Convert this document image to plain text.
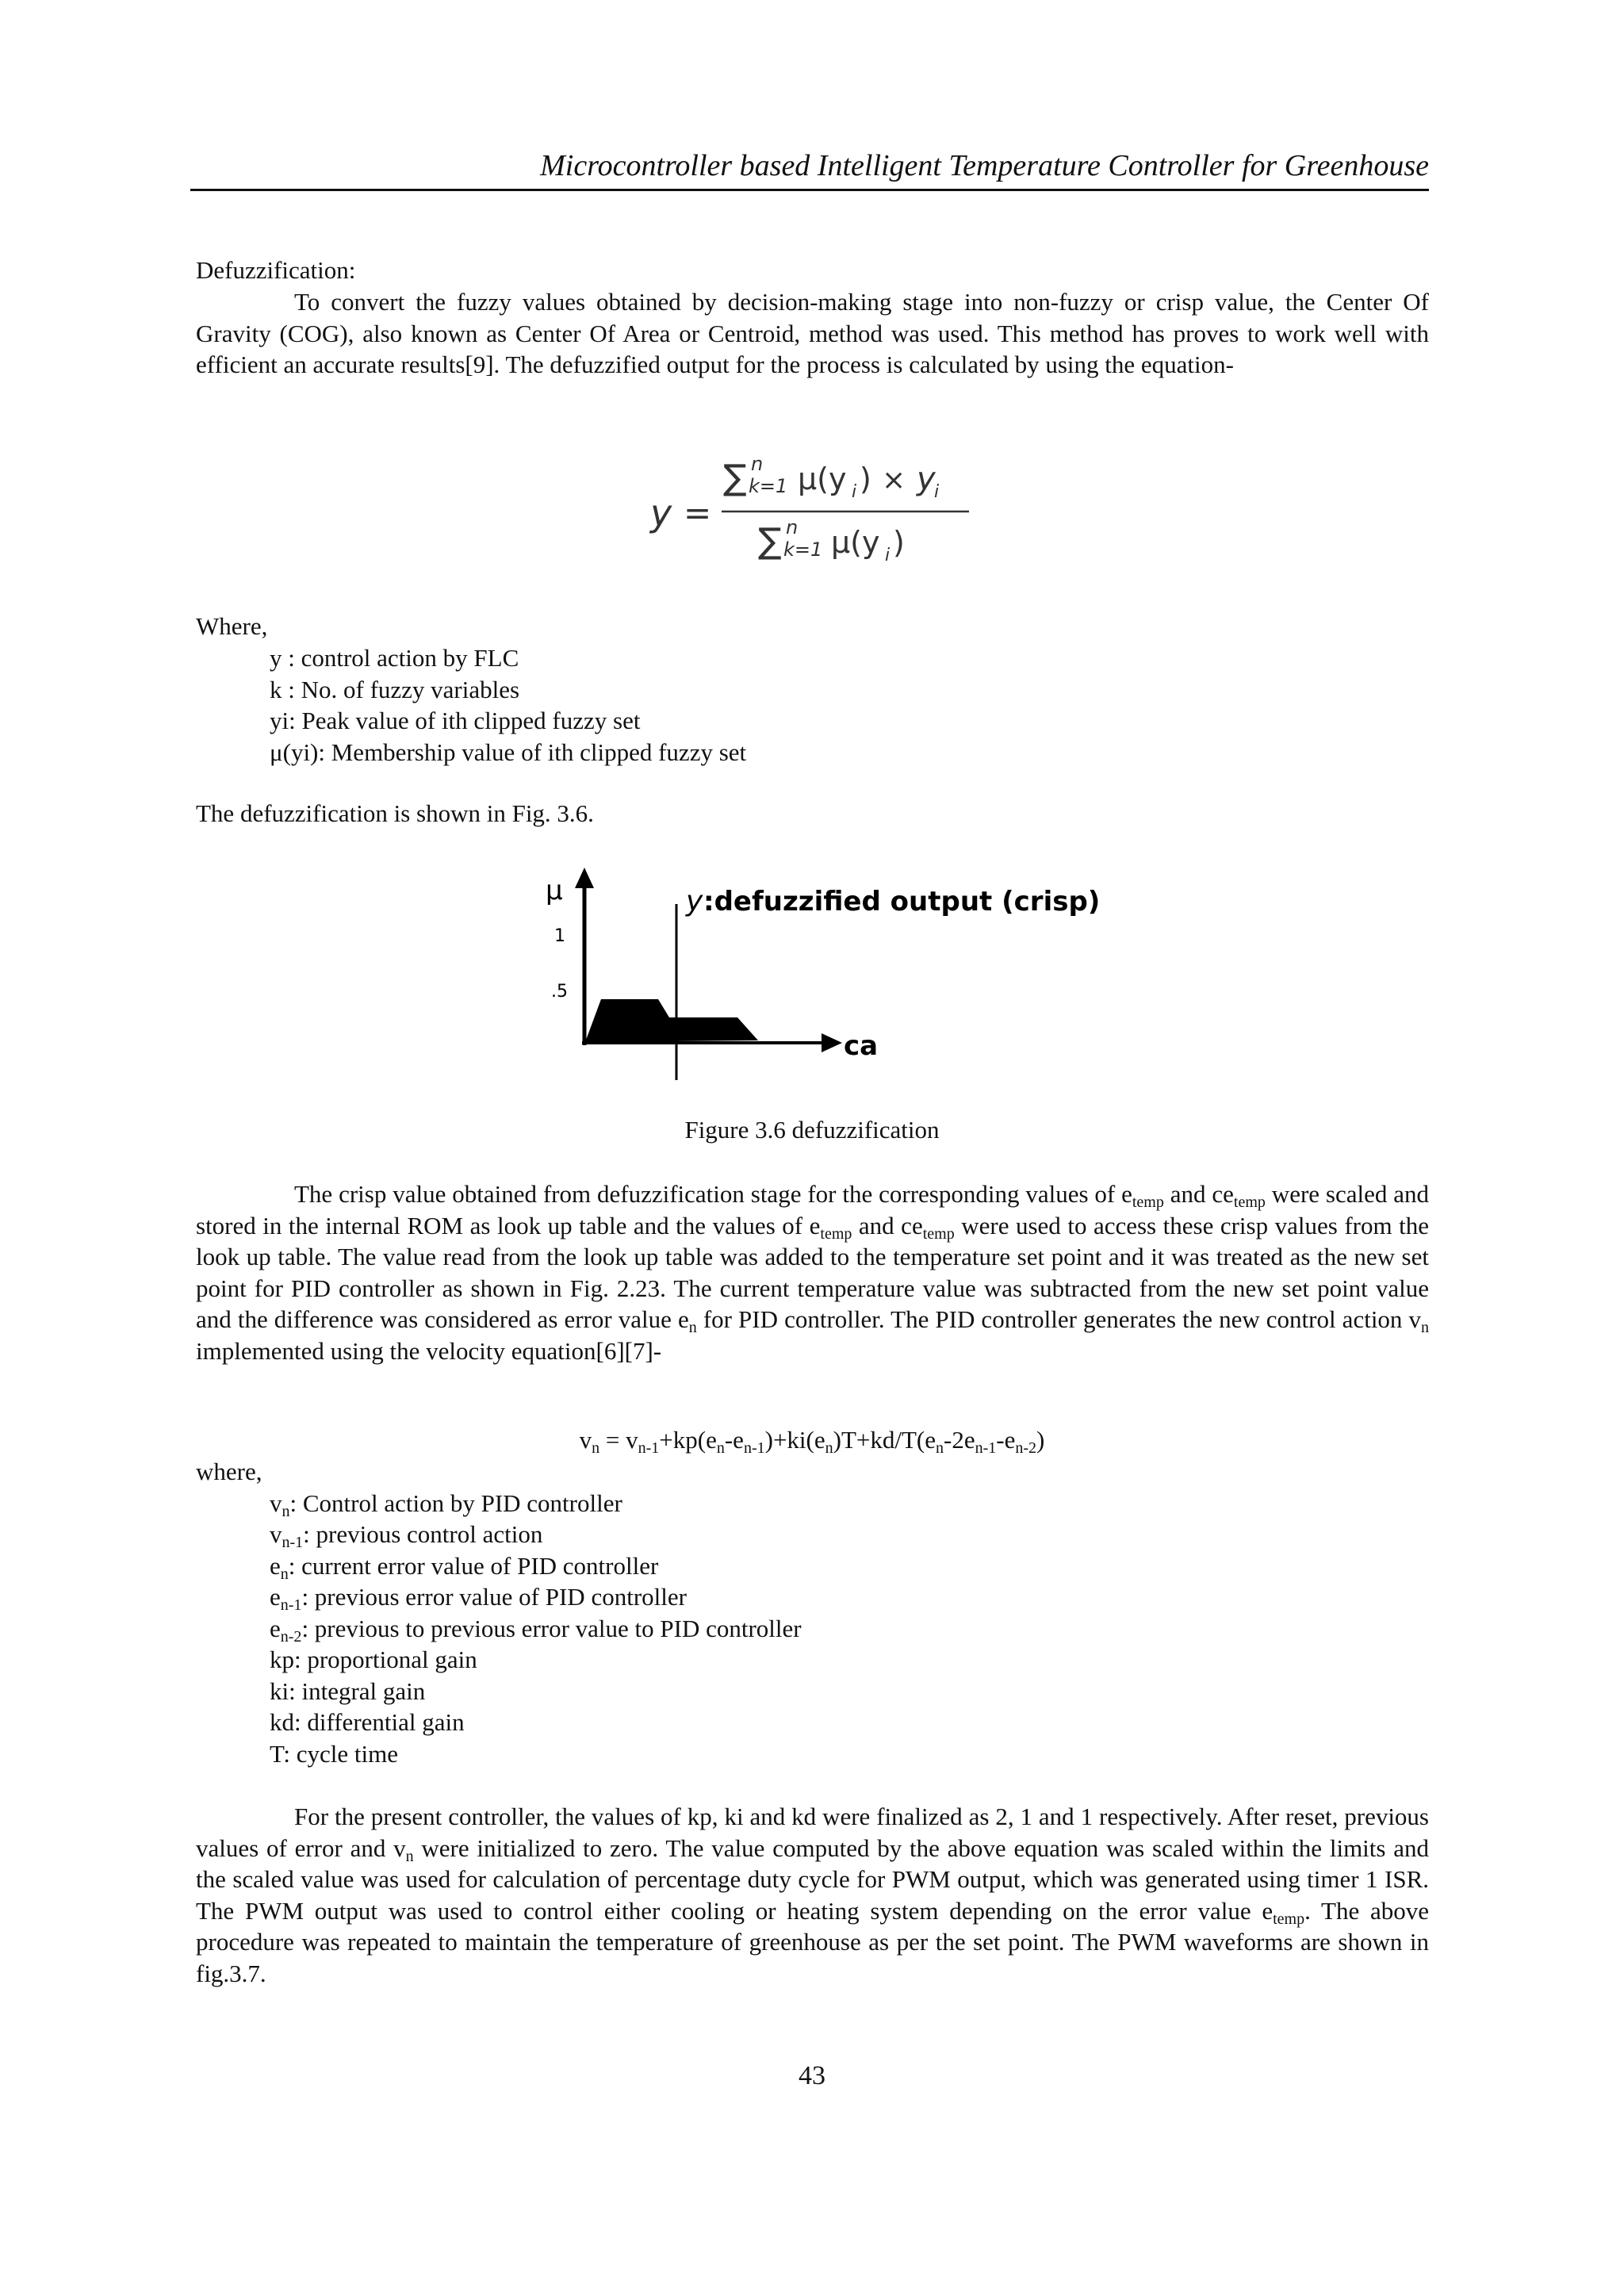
Microcontroller based Intelligent Temperature Controller for Greenhouse
Defuzzification:
To convert the fuzzy values obtained by decision-making stage into non-fuzzy or crisp value, the Center Of Gravity (COG), also known as Center Of Area or Centroid, method was used. This method has proves to work well with efficient an accurate results[9]. The defuzzified output for the process is calculated by using the equation-
y =
∑ n
k=1 μ(y i ) × y
i
∑ n
k=1 μ(y i )
Where,
y : control action by FLC
k : No. of fuzzy variables
yi: Peak value of ith clipped fuzzy set
μ(yi): Membership value of ith clipped fuzzy set
The defuzzification is shown in Fig. 3.6.
μ
1
.5
y :defuzzified output (crisp)
ca
Figure 3.6 defuzzification
The crisp value obtained from defuzzification stage for the corresponding values of $e_{temp}$ and $ce_{temp}$ were scaled and stored in the internal ROM as look up table and the values of $e_{temp}$ and $ce_{temp}$ were used to access these crisp values from the look up table. The value read from the look up table was added to the temperature set point and it was treated as the new set point for PID controller as shown in Fig. 2.23. The current temperature value was subtracted from the new set point value and the difference was considered as error value $e_n$ for PID controller. The PID controller generates the new control action $v_n$ implemented using the velocity equation[6][7]-
$v_n = v_{n-1}+kp(e_n-e_{n-1})+ki(e_n)T+kd/T(e_n-2e_{n-1}-e_{n-2})$
where,
$v_n$: Control action by PID controller
$v_{n-1}$: previous control action
$e_n$: current error value of PID controller
$e_{n-1}$: previous error value of PID controller
$e_{n-2}$: previous to previous error value to PID controller
kp: proportional gain
ki: integral gain
kd: differential gain
T: cycle time
For the present controller, the values of kp, ki and kd were finalized as 2, 1 and 1 respectively. After reset, previous values of error and $v_n$ were initialized to zero. The value computed by the above equation was scaled within the limits and the scaled value was used for calculation of percentage duty cycle for PWM output, which was generated using timer 1 ISR. The PWM output was used to control either cooling or heating system depending on the error value $e_{temp}$. The above procedure was repeated to maintain the temperature of greenhouse as per the set point. The PWM waveforms are shown in fig.3.7.
43
